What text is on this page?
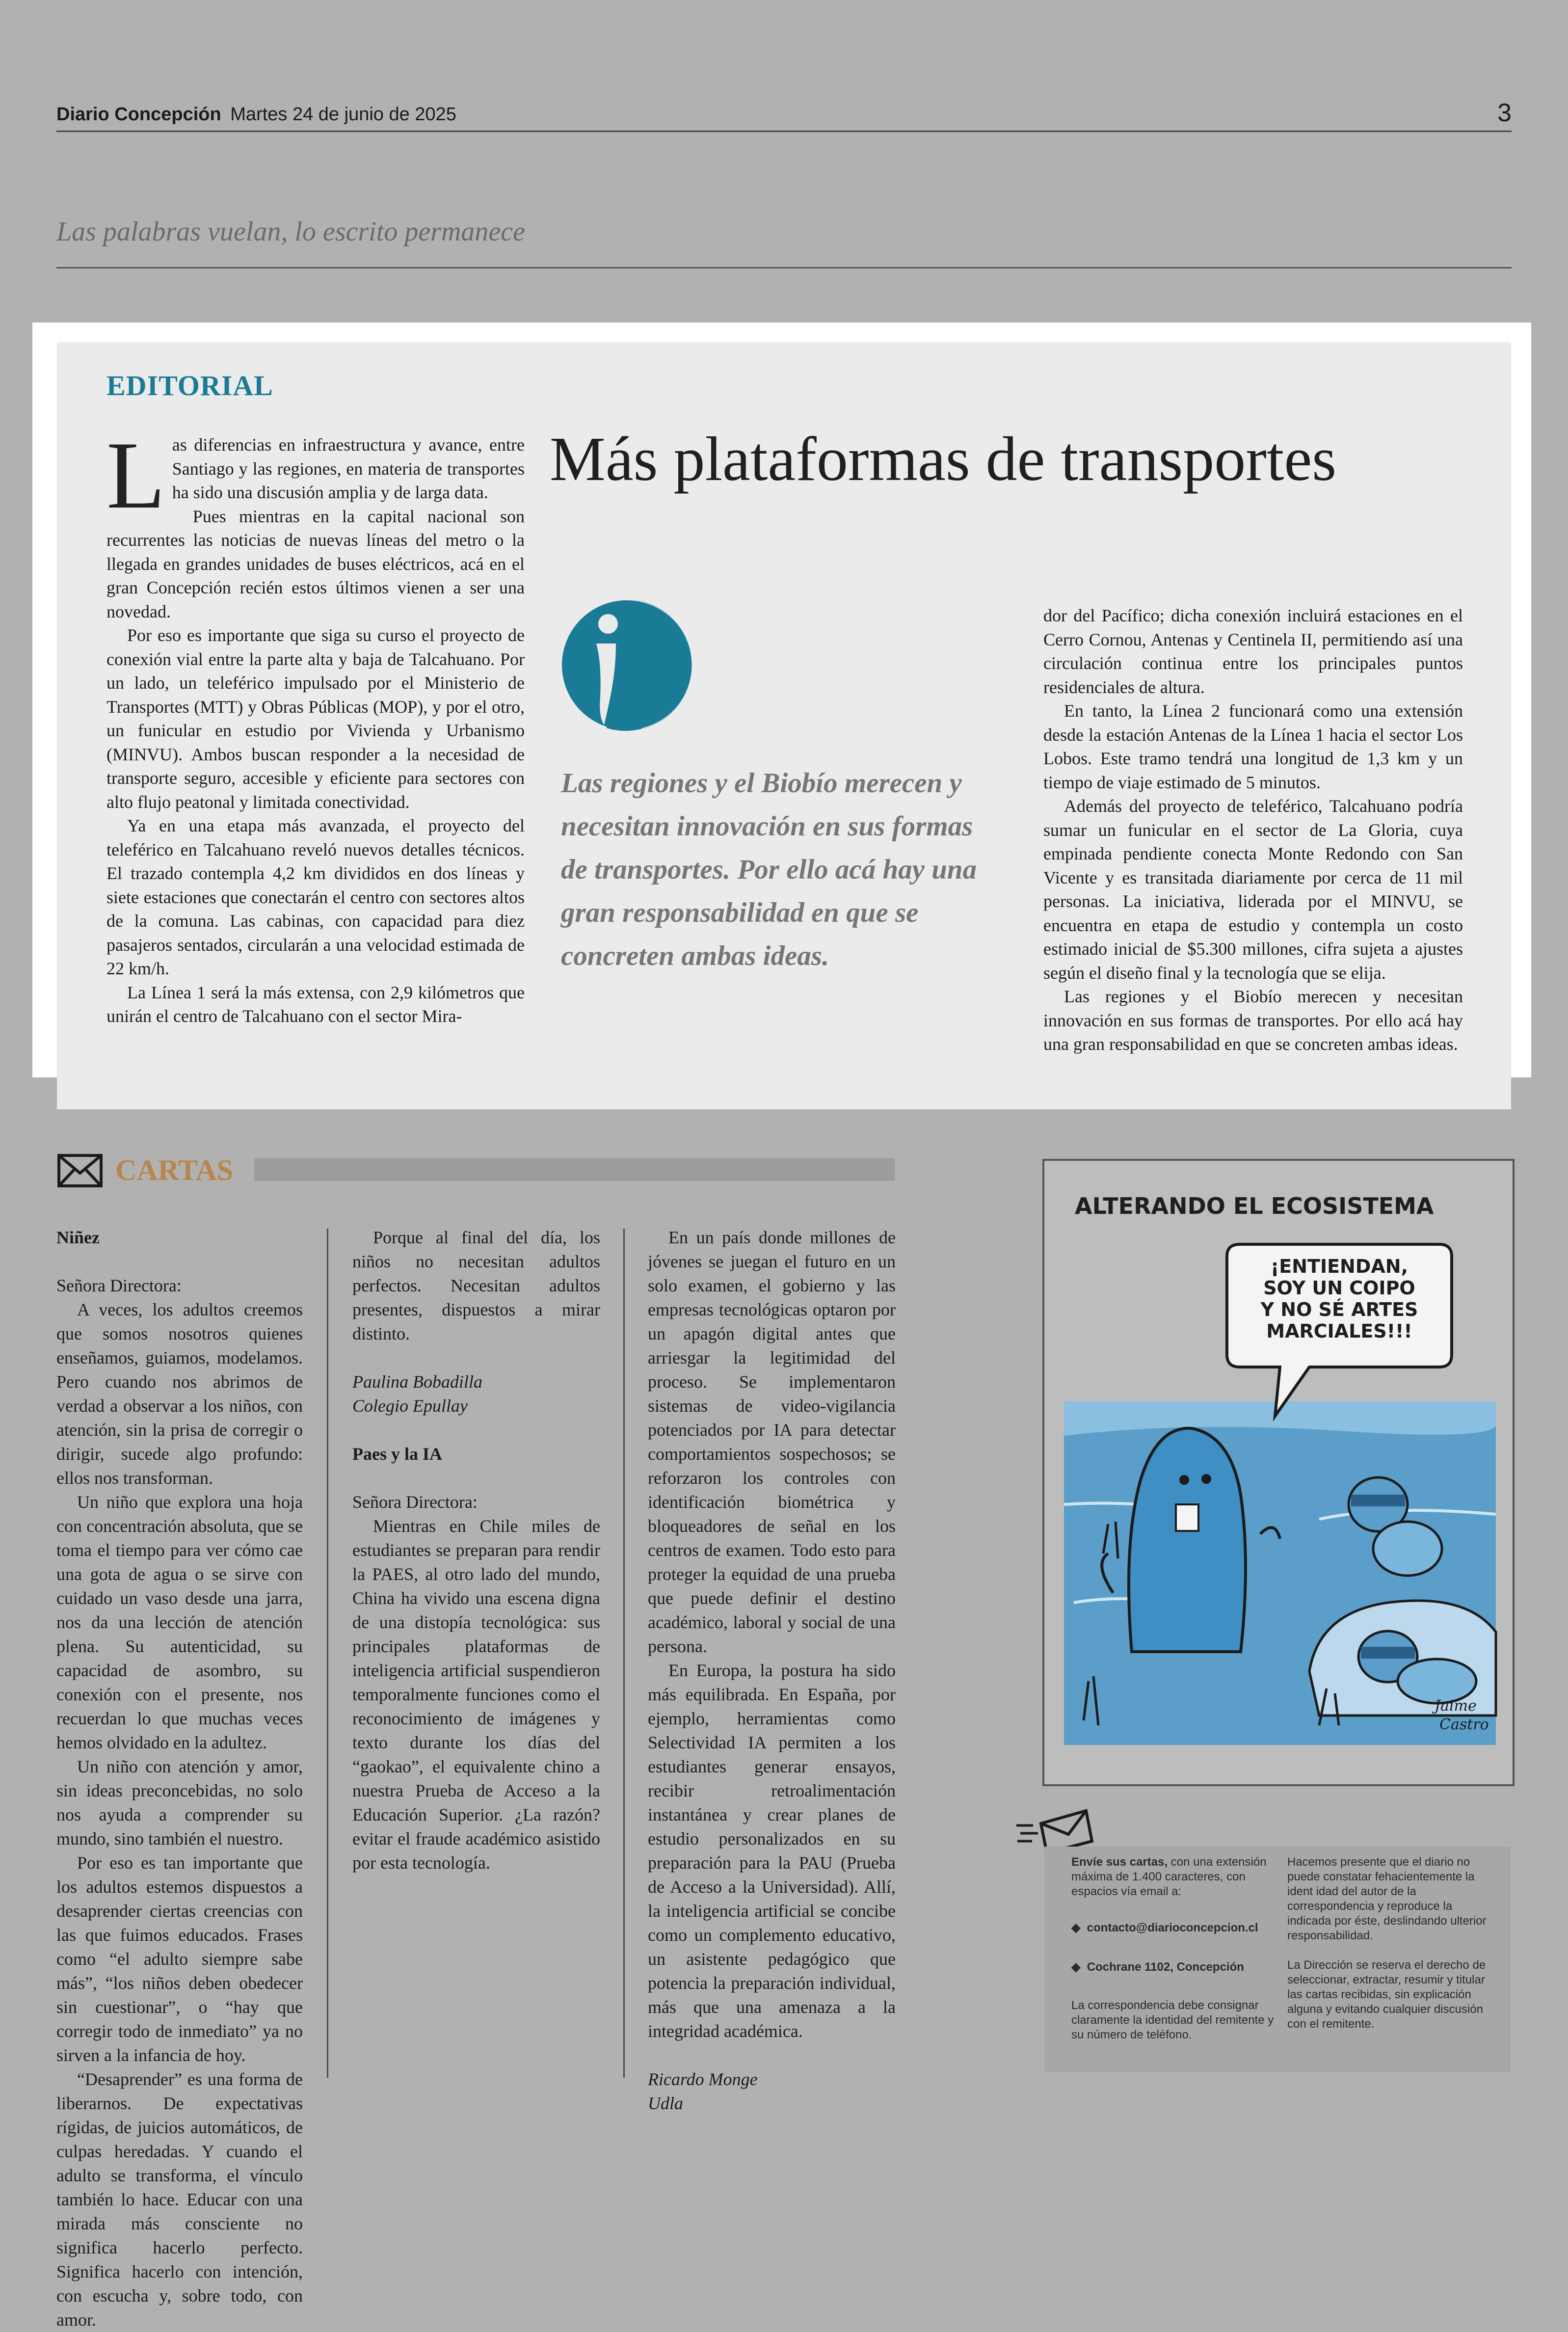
Diario Concepción Martes 24 de junio de 2025	3
Las palabras vuelan, lo escrito permanece
EDITORIAL
Más plataformas de transportes

Las diferencias en infraestructura y avance, entre Santiago y las regiones, en materia de transportes ha sido una discusión amplia y de larga data.

Pues mientras en la capital nacional son recurrentes las noticias de nuevas líneas del metro o la llegada en grandes unidades de buses eléctricos, acá en el gran Concepción recién estos últimos vienen a ser una novedad.

Por eso es importante que siga su curso el proyecto de conexión vial entre la parte alta y baja de Talcahuano. Por un lado, un teleférico impulsado por el Ministerio de Transportes (MTT) y Obras Públicas (MOP), y por el otro, un funicular en estudio por Vivienda y Urbanismo (MINVU). Ambos buscan responder a la necesidad de transporte seguro, accesible y eficiente para sectores con alto flujo peatonal y limitada conectividad.

Ya en una etapa más avanzada, el proyecto del teleférico en Talcahuano reveló nuevos detalles técnicos. El trazado contempla 4,2 km divididos en dos líneas y siete estaciones que conectarán el centro con sectores altos de la comuna. Las cabinas, con capacidad para diez pasajeros sentados, circularán a una velocidad estimada de 22 km/h.

La Línea 1 será la más extensa, con 2,9 kilómetros que unirán el centro de Talcahuano con el sector Mira-

Las regiones y el Biobío merecen y necesitan innovación en sus formas de transportes. Por ello acá hay una gran responsabilidad en que se concreten ambas ideas.

dor del Pacífico; dicha conexión incluirá estaciones en el Cerro Cornou, Antenas y Centinela II, permitiendo así una circulación continua entre los principales puntos residenciales de altura.

En tanto, la Línea 2 funcionará como una extensión desde la estación Antenas de la Línea 1 hacia el sector Los Lobos. Este tramo tendrá una longitud de 1,3 km y un tiempo de viaje estimado de 5 minutos.

Además del proyecto de teleférico, Talcahuano podría sumar un funicular en el sector de La Gloria, cuya empinada pendiente conecta Monte Redondo con San Vicente y es transitada diariamente por cerca de 11 mil personas. La iniciativa, liderada por el MINVU, se encuentra en etapa de estudio y contempla un costo estimado inicial de $5.300 millones, cifra sujeta a ajustes según el diseño final y la tecnología que se elija.

Las regiones y el Biobío merecen y necesitan innovación en sus formas de transportes. Por ello acá hay una gran responsabilidad en que se concreten ambas ideas.

CARTAS

Niñez

Señora Directora:

A veces, los adultos creemos que somos nosotros quienes enseñamos, guiamos, modelamos. Pero cuando nos abrimos de verdad a observar a los niños, con atención, sin la prisa de corregir o dirigir, sucede algo profundo: ellos nos transforman.

Un niño que explora una hoja con concentración absoluta, que se toma el tiempo para ver cómo cae una gota de agua o se sirve con cuidado un vaso desde una jarra, nos da una lección de atención plena. Su autenticidad, su capacidad de asombro, su conexión con el presente, nos recuerdan lo que muchas veces hemos olvidado en la adultez.

Un niño con atención y amor, sin ideas preconcebidas, no solo nos ayuda a comprender su mundo, sino también el nuestro.

Por eso es tan importante que los adultos estemos dispuestos a desaprender ciertas creencias con las que fuimos educados. Frases como “el adulto siempre sabe más”, “los niños deben obedecer sin cuestionar”, o “hay que corregir todo de inmediato” ya no sirven a la infancia de hoy.

“Desaprender” es una forma de liberarnos. De expectativas rígidas, de juicios automáticos, de culpas heredadas. Y cuando el adulto se transforma, el vínculo también lo hace. Educar con una mirada más consciente no significa hacerlo perfecto. Significa hacerlo con intención, con escucha y, sobre todo, con amor.

Porque al final del día, los niños no necesitan adultos perfectos. Necesitan adultos presentes, dispuestos a mirar distinto.

Paulina Bobadilla

Colegio Epullay

Paes y la IA

Señora Directora:

Mientras en Chile miles de estudiantes se preparan para rendir la PAES, al otro lado del mundo, China ha vivido una escena digna de una distopía tecnológica: sus principales plataformas de inteligencia artificial suspendieron temporalmente funciones como el reconocimiento de imágenes y texto durante los días del “gaokao”, el equivalente chino a nuestra Prueba de Acceso a la Educación Superior. ¿La razón? evitar el fraude académico asistido por esta tecnología.

En un país donde millones de jóvenes se juegan el futuro en un solo examen, el gobierno y las empresas tecnológicas optaron por un apagón digital antes que arriesgar la legitimidad del proceso. Se implementaron sistemas de video-vigilancia potenciados por IA para detectar comportamientos sospechosos; se reforzaron los controles con identificación biométrica y bloqueadores de señal en los centros de examen. Todo esto para proteger la equidad de una prueba que puede definir el destino académico, laboral y social de una persona.

En Europa, la postura ha sido más equilibrada. En España, por ejemplo, herramientas como Selectividad IA permiten a los estudiantes generar ensayos, recibir retroalimentación instantánea y crear planes de estudio personalizados en su preparación para la PAU (Prueba de Acceso a la Universidad). Allí, la inteligencia artificial se concibe como un complemento educativo, un asistente pedagógico que potencia la preparación individual, más que una amenaza a la integridad académica.

Ricardo Monge

Udla

ALTERANDO EL ECOSISTEMA
¡ENTIENDAN,
SOY UN COIPO
Y NO SÉ ARTES
MARCIALES!!!
Jaime
Castro
Envíe sus cartas, con una extensión máxima de 1.400 caracteres, con espacios vía email a:
◆  contacto@diarioconcepcion.cl
◆  Cochrane 1102, Concepción
La correspondencia debe consignar claramente la identidad del remitente y su número de teléfono.
Hacemos presente que el diario no puede constatar fehacientemente la ident idad del autor de la correspondencia y reproduce la indicada por éste, deslindando ulterior responsabilidad.
La Dirección se reserva el derecho de seleccionar, extractar, resumir y titular las cartas recibidas, sin explicación alguna y evitando cualquier discusión con el remitente.
